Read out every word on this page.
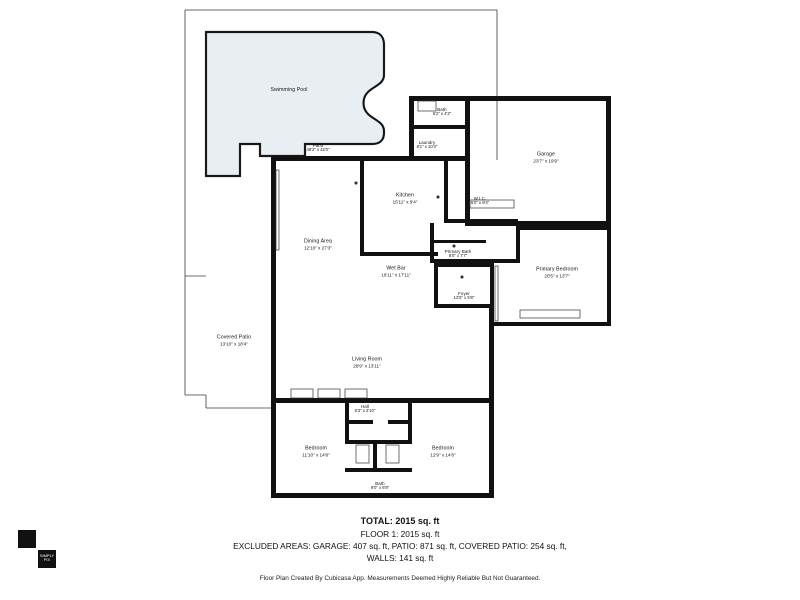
Swimming Pool
Patio
48'2" x 42'0"
Bath
5'2" x 4'2"
Laundry
8'1" x 10'4"
Garage
23'7" x 19'9"
Kitchen
15'11" x 9'4"
W.I.C.
6'0" x 9'4"
Dining Area
12'10" x 27'3"
Primary Bath
8'0" x 7'7"
Primary Bedroom
20'5" x 13'7"
Wet Bar
10'11" x 17'11"
Foyer
12'5" x 5'8"
Covered Patio
13'10" x 18'4"
Living Room
28'9" x 13'11"
Hall
6'3" x 2'10"
Bedroom
11'10" x 14'8"
Bedroom
12'9" x 14'8"
Bath
9'0" x 6'9"
TOTAL: 2015 sq. ft
FLOOR 1: 2015 sq. ft
EXCLUDED AREAS: GARAGE: 407 sq. ft, PATIO: 871 sq. ft, COVERED PATIO: 254 sq. ft,
WALLS: 141 sq. ft
Floor Plan Created By Cubicasa App. Measurements Deemed Highly Reliable But Not Guaranteed.
SIMPLY
PIX
